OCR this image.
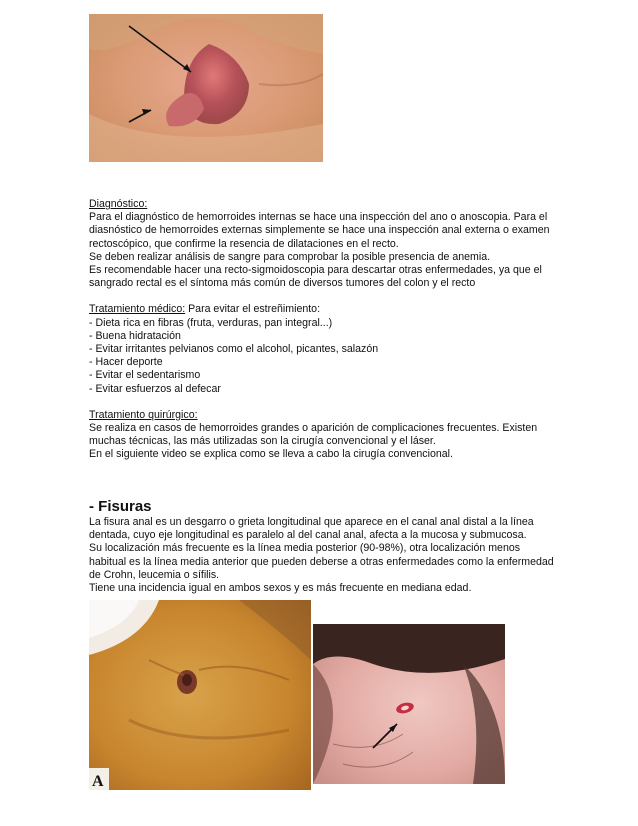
Diagnóstico:

Para el diagnóstico de hemorroides internas se hace una inspección del ano o anoscopia. Para el

diasnóstico de hemorroides externas simplemente se hace una inspección anal externa o examen

rectoscópico, que confirme la resencia de dilataciones en el recto.

Se deben realizar análisis de sangre para comprobar la posible presencia de anemia.

Es recomendable hacer una recto-sigmoidoscopia para descartar otras enfermedades, ya que el

sangrado rectal es el síntoma más común de diversos tumores del colon y el recto

Tratamiento médico: Para evitar el estreñimiento:

- Dieta rica en fibras (fruta, verduras, pan integral...)

- Buena hidratación

- Evitar irritantes pelvianos como el alcohol, picantes, salazón

- Hacer deporte

- Evitar el sedentarismo

- Evitar esfuerzos al defecar

Tratamiento quirúrgico:

Se realiza en casos de hemorroides grandes o aparición de complicaciones frecuentes. Existen

muchas técnicas, las más utilizadas son la cirugía convencional y el láser.

En el siguiente video se explica como se lleva a cabo la cirugía convencional.

- Fisuras

La fisura anal es un desgarro o grieta longitudinal que aparece en el canal anal distal a la línea

dentada, cuyo eje longitudinal es paralelo al del canal anal, afecta a la mucosa y submucosa.

Su localización más frecuente es la línea media posterior (90-98%), otra localización menos

habitual es la línea media anterior que pueden deberse a otras enfermedades como la enfermedad

de Crohn, leucemia o sífilis.

Tiene una incidencia igual en ambos sexos y es más frecuente en mediana edad.

A
